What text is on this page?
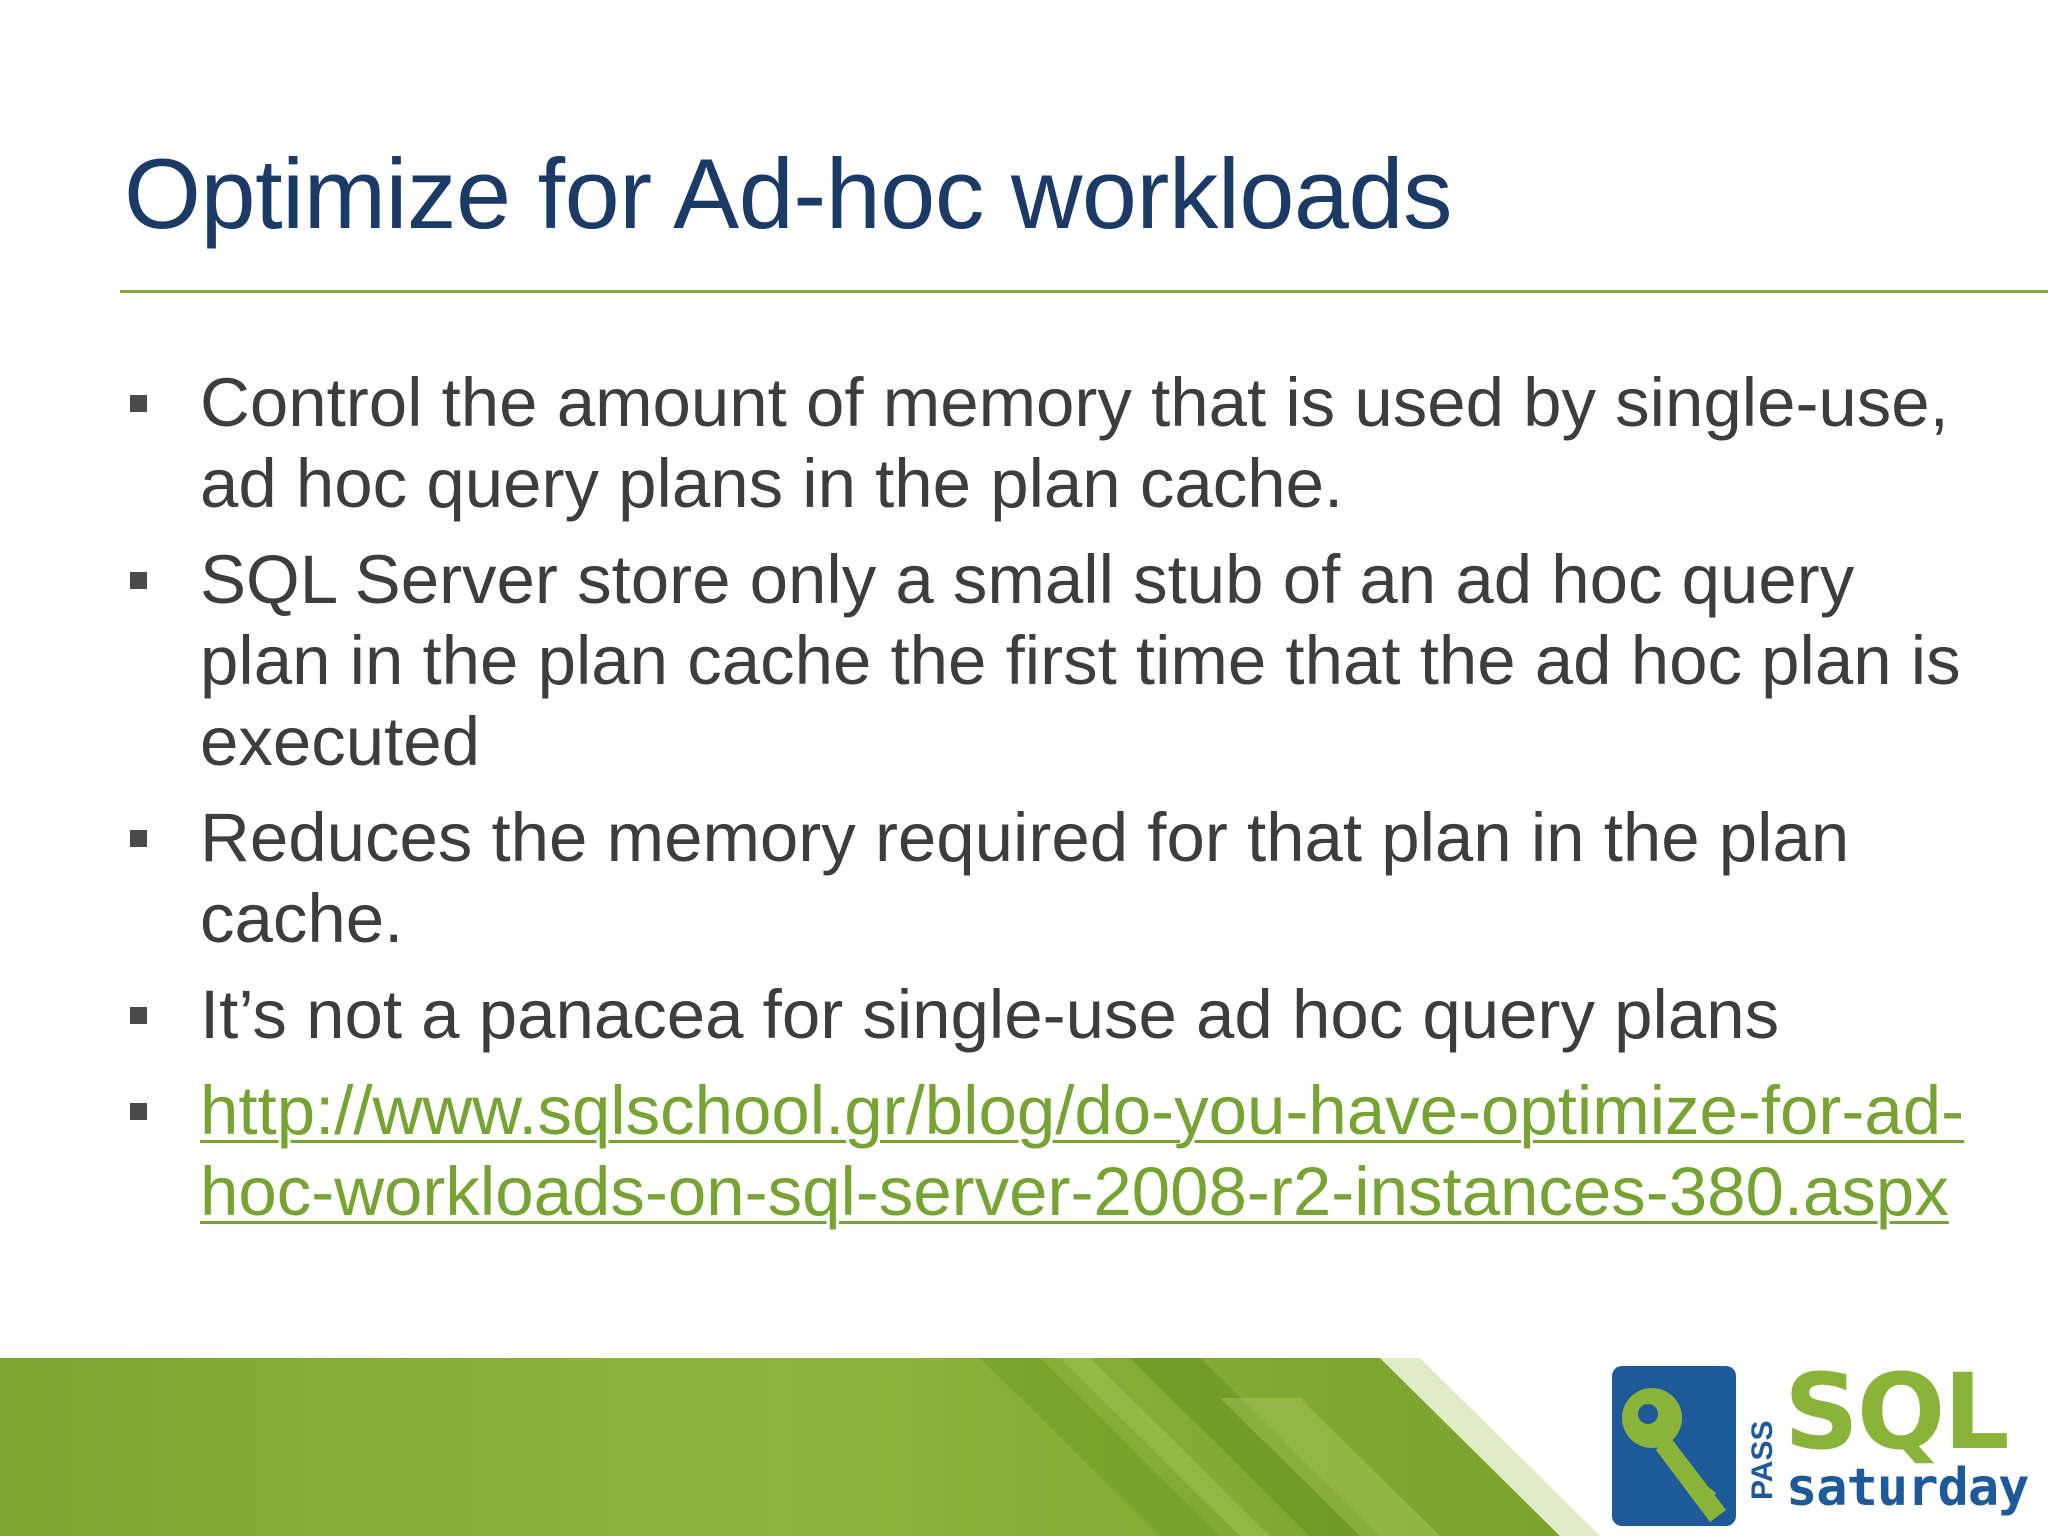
Optimize for Ad-hoc workloads
Control the amount of memory that is used by single-use, ad hoc query plans in the plan cache.
SQL Server store only a small stub of an ad hoc query plan in the plan cache the first time that the ad hoc plan is executed
Reduces the memory required for that plan in the plan cache.
It’s not a panacea for single-use ad hoc query plans
http://www.sqlschool.gr/blog/do-you-have-optimize-for-ad-hoc-workloads-on-sql-server-2008-r2-instances-380.aspx
PASS SQL
saturday
